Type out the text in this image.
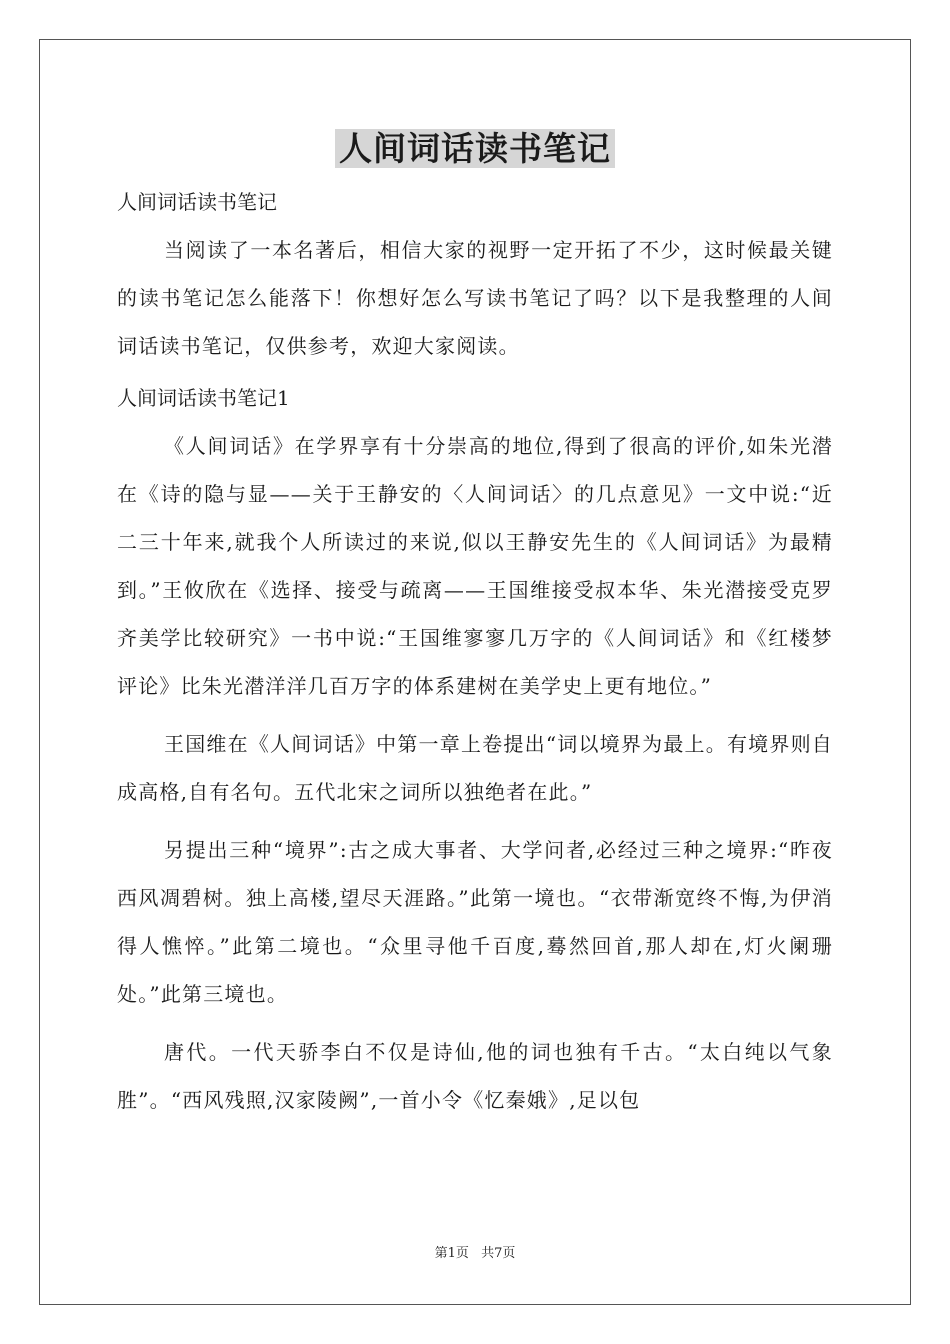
人间词话读书笔记

人间词话读书笔记

当阅读了一本名著后，相信大家的视野一定开拓了不少，这时候最关键的读书笔记怎么能落下！你想好怎么写读书笔记了吗？以下是我整理的人间词话读书笔记，仅供参考，欢迎大家阅读。

人间词话读书笔记1

《人间词话》在学界享有十分崇高的地位,得到了很高的评价,如朱光潜在《诗的隐与显——关于王静安的〈人间词话〉的几点意见》一文中说:“近二三十年来,就我个人所读过的来说,似以王静安先生的《人间词话》为最精到。”王攸欣在《选择、接受与疏离——王国维接受叔本华、朱光潜接受克罗齐美学比较研究》一书中说:“王国维寥寥几万字的《人间词话》和《红楼梦评论》比朱光潜洋洋几百万字的体系建树在美学史上更有地位。”

王国维在《人间词话》中第一章上卷提出“词以境界为最上。有境界则自成高格,自有名句。五代北宋之词所以独绝者在此。”

另提出三种“境界”:古之成大事者、大学问者,必经过三种之境界:“昨夜西风凋碧树。独上高楼,望尽天涯路。”此第一境也。“衣带渐宽终不悔,为伊消得人憔悴。”此第二境也。“众里寻他千百度,蓦然回首,那人却在,灯火阑珊处。”此第三境也。

唐代。一代天骄李白不仅是诗仙,他的词也独有千古。“太白纯以气象胜”。“西风残照,汉家陵阙”,一首小令《忆秦娥》,足以包

第1页 共7页
